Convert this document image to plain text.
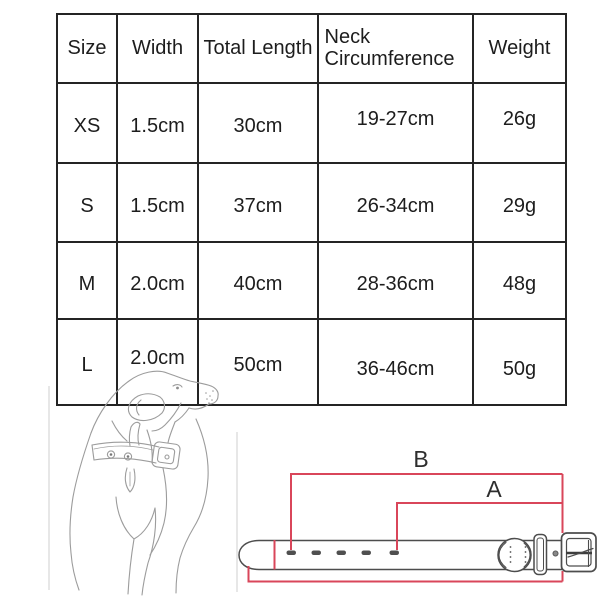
Size	Width	Total Length	Neck Circumference	Weight
XS	1.5cm	30cm	19-27cm	26g
S	1.5cm	37cm	26-34cm	29g
M	2.0cm	40cm	28-36cm	48g
L	2.0cm	50cm	36-46cm	50g
B
A
